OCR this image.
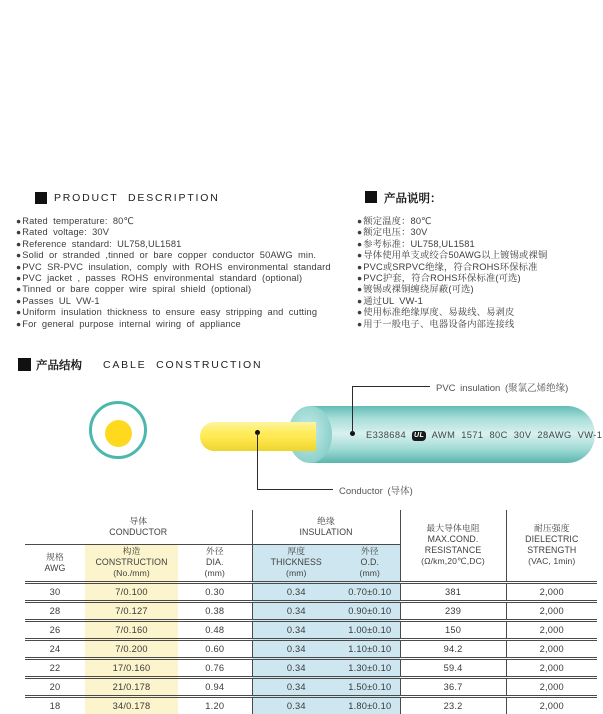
PRODUCT DESCRIPTION
●Rated temperature: 80℃
●Rated voltage: 30V
●Reference standard: UL758,UL1581
●Solid or stranded ,tinned or bare copper conductor 50AWG min.
●PVC SR-PVC insulation, comply with ROHS environmental standard
●PVC jacket , passes ROHS environmental standard (optional)
●Tinned or bare copper wire spiral shield (optional)
●Passes UL VW-1
●Uniform insulation thickness to ensure easy stripping and cutting
●For general purpose internal wiring of appliance
产品说明：
●额定温度：80℃
●额定电压：30V
●参考标准：UL758,UL1581
●导体使用单支或绞合50AWG以上镀锡或裸铜
●PVC或SRPVC绝缘，符合ROHS环保标准
●PVC护套，符合ROHS环保标准(可选)
●镀锡或裸铜缠绕屏蔽(可选)
●通过UL VW-1
●使用标准绝缘厚度、易裁线、易剥皮
●用于一般电子、电器设备内部连接线
产品结构 CABLE CONSTRUCTION
E338684 UL AWM 1571 80C 30V 28AWG VW-1
PVC insulation (聚氯乙烯绝缘)
Conductor (导体)
导体
CONDUCTOR

绝缘
INSULATION	最大导体电阻
MAX.COND.
RESISTANCE
(Ω/km,20℃,DC)

耐压强度
DIELECTRIC
STRENGTH
(VAC, 1min)

规格
AWG

构造
CONSTRUCTION
(No./mm)

外径
DIA.
(mm)

厚度
THICKNESS
(mm)

外径
O.D.
(mm)

30	7/0.100	0.30	0.34	0.70±0.10	381	2,000
28	7/0.127	0.38	0.34	0.90±0.10	239	2,000
26	7/0.160	0.48	0.34	1.00±0.10	150	2,000
24	7/0.200	0.60	0.34	1.10±0.10	94.2	2,000
22	17/0.160	0.76	0.34	1.30±0.10	59.4	2,000
20	21/0.178	0.94	0.34	1.50±0.10	36.7	2,000
18	34/0.178	1.20	0.34	1.80±0.10	23.2	2,000
